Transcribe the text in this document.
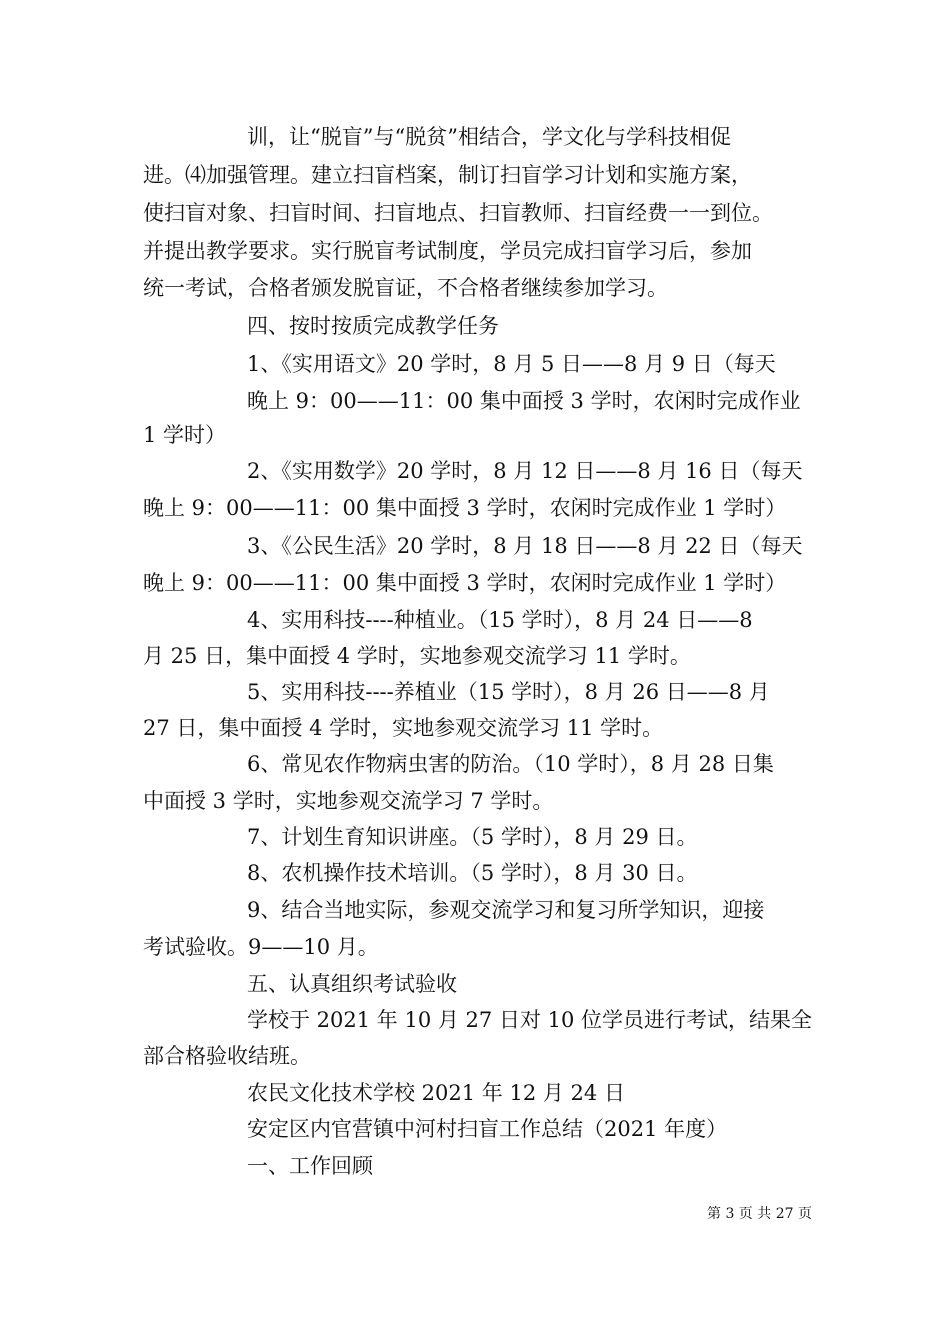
训，让“脱盲”与“脱贫”相结合，学文化与学科技相促
进。⑷加强管理。建立扫盲档案，制订扫盲学习计划和实施方案，
使扫盲对象、扫盲时间、扫盲地点、扫盲教师、扫盲经费一一到位。
并提出教学要求。实行脱盲考试制度，学员完成扫盲学习后，参加
统一考试，合格者颁发脱盲证，不合格者继续参加学习。
四、按时按质完成教学任务
1、《实用语文》20 学时，8 月 5 日——8 月 9 日（每天
晚上 9：00——11：00 集中面授 3 学时，农闲时完成作业
1 学时）
2、《实用数学》20 学时，8 月 12 日——8 月 16 日（每天
晚上 9：00——11：00 集中面授 3 学时，农闲时完成作业 1 学时）
3、《公民生活》20 学时，8 月 18 日——8 月 22 日（每天
晚上 9：00——11：00 集中面授 3 学时，农闲时完成作业 1 学时）
4、实用科技----种植业。（15 学时），8 月 24 日——8
月 25 日，集中面授 4 学时，实地参观交流学习 11 学时。
5、实用科技----养植业（15 学时），8 月 26 日——8 月
27 日，集中面授 4 学时，实地参观交流学习 11 学时。
6、常见农作物病虫害的防治。（10 学时），8 月 28 日集
中面授 3 学时，实地参观交流学习 7 学时。
7、计划生育知识讲座。（5 学时），8 月 29 日。
8、农机操作技术培训。（5 学时），8 月 30 日。
9、结合当地实际，参观交流学习和复习所学知识，迎接
考试验收。9——10 月。
五、认真组织考试验收
学校于 2021 年 10 月 27 日对 10 位学员进行考试，结果全
部合格验收结班。
农民文化技术学校 2021 年 12 月 24 日
安定区内官营镇中河村扫盲工作总结（2021 年度）
一、工作回顾
第 3 页 共 27 页
